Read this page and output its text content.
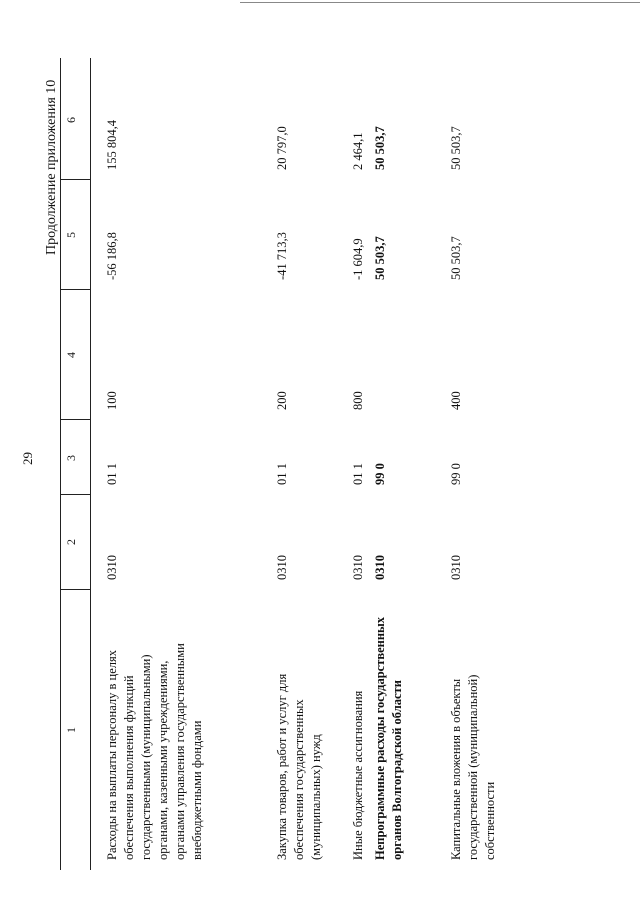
29
Продолжение приложения 10
1
2
3
4
5
6
Расходы на выплаты персоналу в целях обеспечения выполнения функций государственными (муниципальными) органами, казенными учреждениями, органами управления государственными внебюджетными фондами
0310
01 1
100
-56 186,8
155 804,4
Закупка товаров, работ и услуг для обеспечения государственных (муниципальных) нужд
0310
01 1
200
-41 713,3
20 797,0
Иные бюджетные ассигнования
0310
01 1
800
-1 604,9
2 464,1
Непрограммные расходы государственных органов Волгоградской области
0310
99 0
50 503,7
50 503,7
Капитальные вложения в объекты государственной (муниципальной) собственности
0310
99 0
400
50 503,7
50 503,7
